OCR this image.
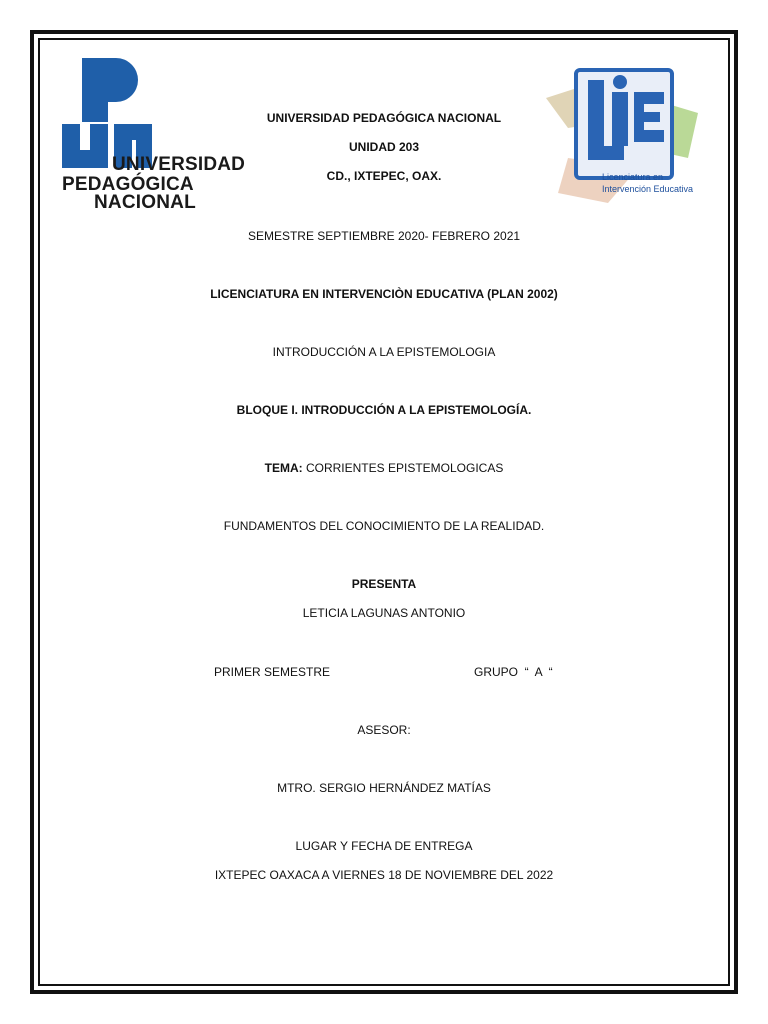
UNIVERSIDAD
PEDAGÓGICA
NACIONAL
Licenciatura en
Intervención Educativa
UNIVERSIDAD PEDAGÓGICA NACIONAL
UNIDAD 203
CD., IXTEPEC, OAX.
SEMESTRE SEPTIEMBRE 2020- FEBRERO 2021
LICENCIATURA EN INTERVENCIÒN EDUCATIVA (PLAN 2002)
INTRODUCCIÓN A LA EPISTEMOLOGIA
BLOQUE I. INTRODUCCIÓN A LA EPISTEMOLOGÍA.
TEMA: CORRIENTES EPISTEMOLOGICAS
FUNDAMENTOS DEL CONOCIMIENTO DE LA REALIDAD.
PRESENTA
LETICIA LAGUNAS ANTONIO
PRIMER SEMESTRE	GRUPO  “  A  “
ASESOR:
MTRO. SERGIO HERNÁNDEZ MATÍAS
LUGAR Y FECHA DE ENTREGA
IXTEPEC OAXACA A VIERNES 18 DE NOVIEMBRE DEL 2022
